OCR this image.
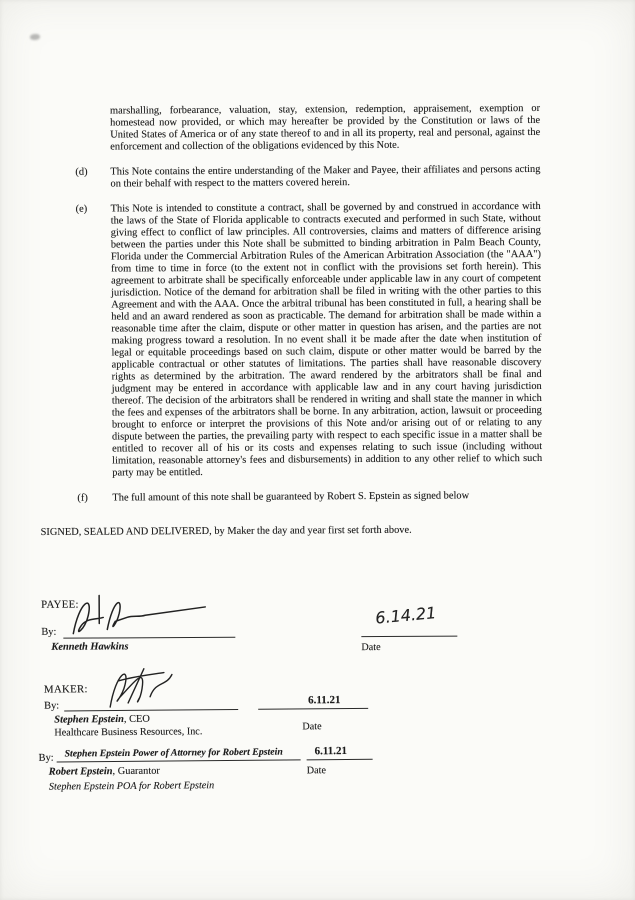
marshalling, forbearance, valuation, stay, extension, redemption, appraisement, exemption or homestead now provided, or which may hereafter be provided by the Constitution or laws of the United States of America or of any state thereof to and in all its property, real and personal, against the enforcement and collection of the obligations evidenced by this Note.

(d)	This Note contains the entire understanding of the Maker and Payee, their affiliates and persons acting on their behalf with respect to the matters covered herein.

(e)	This Note is intended to constitute a contract, shall be governed by and construed in accordance with the laws of the State of Florida applicable to contracts executed and performed in such State, without giving effect to conflict of law principles. All controversies, claims and matters of difference arising between the parties under this Note shall be submitted to binding arbitration in Palm Beach County, Florida under the Commercial Arbitration Rules of the American Arbitration Association (the "AAA") from time to time in force (to the extent not in conflict with the provisions set forth herein). This agreement to arbitrate shall be specifically enforceable under applicable law in any court of competent jurisdiction. Notice of the demand for arbitration shall be filed in writing with the other parties to this Agreement and with the AAA. Once the arbitral tribunal has been constituted in full, a hearing shall be held and an award rendered as soon as practicable. The demand for arbitration shall be made within a reasonable time after the claim, dispute or other matter in question has arisen, and the parties are not making progress toward a resolution. In no event shall it be made after the date when institution of legal or equitable proceedings based on such claim, dispute or other matter would be barred by the applicable contractual or other statutes of limitations. The parties shall have reasonable discovery rights as determined by the arbitration. The award rendered by the arbitrators shall be final and judgment may be entered in accordance with applicable law and in any court having jurisdiction thereof. The decision of the arbitrators shall be rendered in writing and shall state the manner in which the fees and expenses of the arbitrators shall be borne. In any arbitration, action, lawsuit or proceeding brought to enforce or interpret the provisions of this Note and/or arising out of or relating to any dispute between the parties, the prevailing party with respect to each specific issue in a matter shall be entitled to recover all of his or its costs and expenses relating to such issue (including without limitation, reasonable attorney's fees and disbursements) in addition to any other relief to which such party may be entitled.

(f)	The full amount of this note shall be guaranteed by Robert S. Epstein as signed below

SIGNED, SEALED AND DELIVERED, by Maker the day and year first set forth above.

PAYEE:
By:
Kenneth Hawkins
6.14.21
Date
MAKER:
By:
Stephen Epstein, CEO
Healthcare Business Resources, Inc.
6.11.21
Date
By: Stephen Epstein Power of Attorney for Robert Epstein
Robert Epstein, Guarantor
Stephen Epstein POA for Robert Epstein
6.11.21
Date
